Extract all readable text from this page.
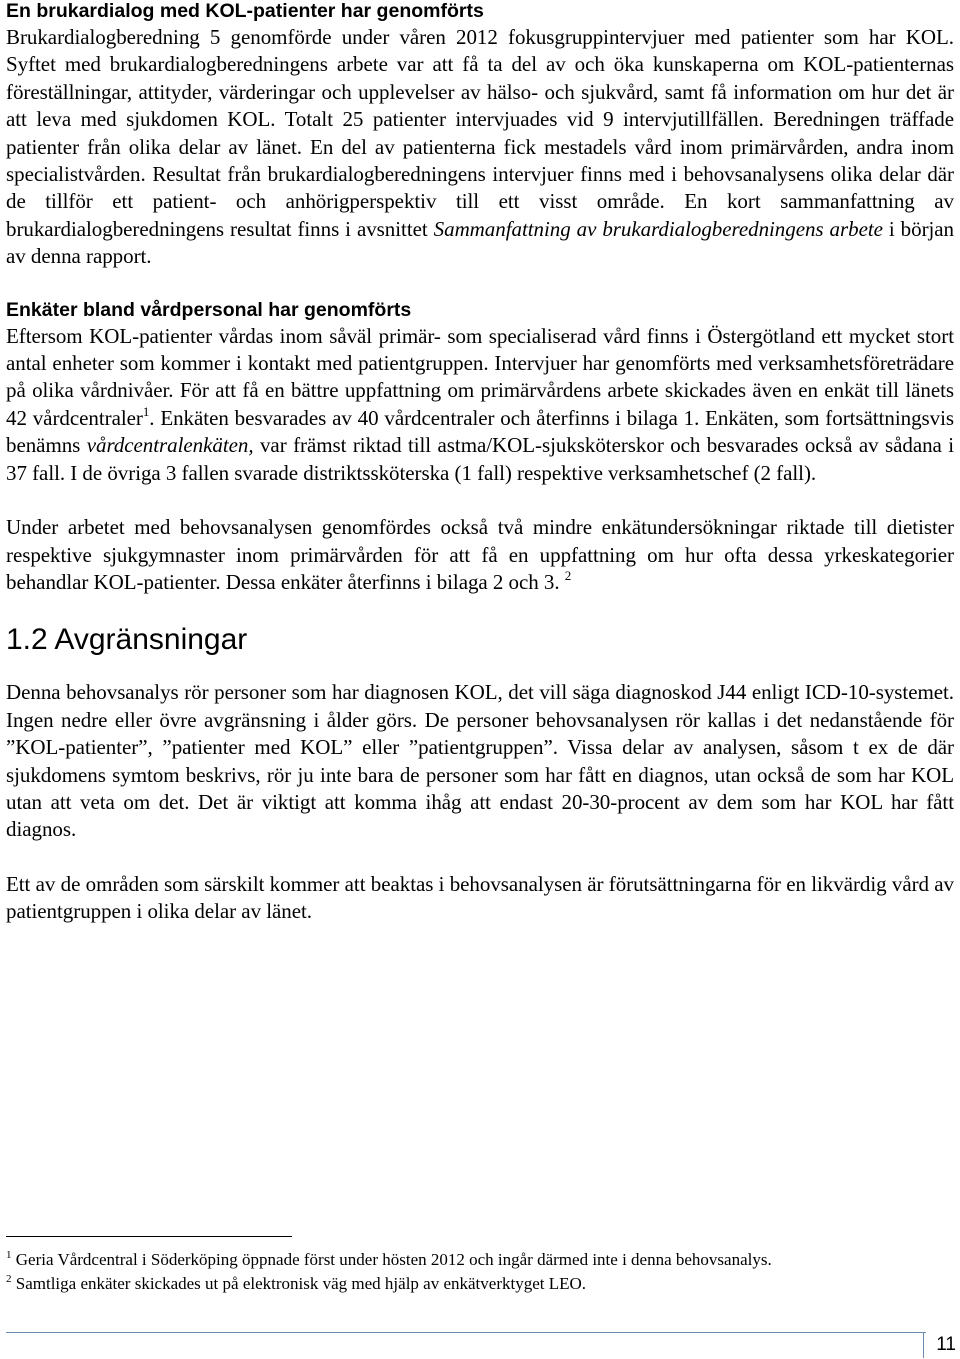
En brukardialog med KOL-patienter har genomförts

Brukardialogberedning 5 genomförde under våren 2012 fokusgruppintervjuer med patienter som har KOL. Syftet med brukardialogberedningens arbete var att få ta del av och öka kunskaperna om KOL-patienternas föreställningar, attityder, värderingar och upplevelser av hälso- och sjukvård, samt få information om hur det är att leva med sjukdomen KOL. Totalt 25 patienter intervjuades vid 9 intervjutillfällen. Beredningen träffade patienter från olika delar av länet. En del av patienterna fick mestadels vård inom primärvården, andra inom specialistvården. Resultat från brukardialogberedningens intervjuer finns med i behovsanalysens olika delar där de tillför ett patient- och anhörigperspektiv till ett visst område. En kort sammanfattning av brukardialogberedningens resultat finns i avsnittet Sammanfattning av brukardialogberedningens arbete i början av denna rapport.

Enkäter bland vårdpersonal har genomförts

Eftersom KOL-patienter vårdas inom såväl primär- som specialiserad vård finns i Östergötland ett mycket stort antal enheter som kommer i kontakt med patientgruppen. Intervjuer har genomförts med verksamhetsföreträdare på olika vårdnivåer. För att få en bättre uppfattning om primärvårdens arbete skickades även en enkät till länets 42 vårdcentraler$^1$. Enkäten besvarades av 40 vårdcentraler och återfinns i bilaga 1. Enkäten, som fortsättningsvis benämns vårdcentralenkäten, var främst riktad till astma/KOL-sjuksköterskor och besvarades också av sådana i 37 fall. I de övriga 3 fallen svarade distriktssköterska (1 fall) respektive verksamhetschef (2 fall).

Under arbetet med behovsanalysen genomfördes också två mindre enkätundersökningar riktade till dietister respektive sjukgymnaster inom primärvården för att få en uppfattning om hur ofta dessa yrkeskategorier behandlar KOL-patienter. Dessa enkäter återfinns i bilaga 2 och 3. $^2$

1.2 Avgränsningar

Denna behovsanalys rör personer som har diagnosen KOL, det vill säga diagnoskod J44 enligt ICD-10-systemet. Ingen nedre eller övre avgränsning i ålder görs. De personer behovsanalysen rör kallas i det nedanstående för ”KOL-patienter”, ”patienter med KOL” eller ”patientgruppen”. Vissa delar av analysen, såsom t ex de där sjukdomens symtom beskrivs, rör ju inte bara de personer som har fått en diagnos, utan också de som har KOL utan att veta om det. Det är viktigt att komma ihåg att endast 20-30-procent av dem som har KOL har fått diagnos.

Ett av de områden som särskilt kommer att beaktas i behovsanalysen är förutsättningarna för en likvärdig vård av patientgruppen i olika delar av länet.

$^1$ Geria Vårdcentral i Söderköping öppnade först under hösten 2012 och ingår därmed inte i denna behovsanalys.
$^2$ Samtliga enkäter skickades ut på elektronisk väg med hjälp av enkätverktyget LEO.
11
